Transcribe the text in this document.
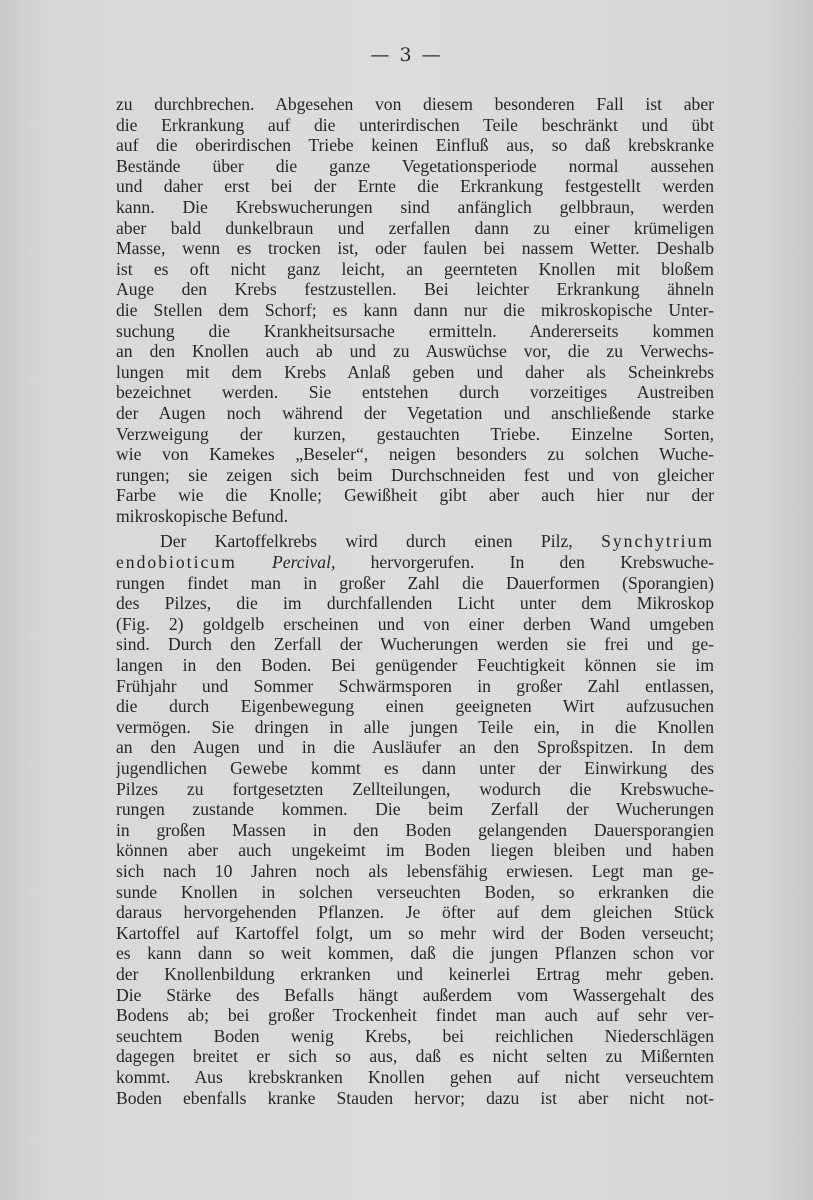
— 3 —
zu durchbrechen. Abgesehen von diesem besonderen Fall ist aber
die Erkrankung auf die unterirdischen Teile beschränkt und übt
auf die oberirdischen Triebe keinen Einfluß aus, so daß krebskranke
Bestände über die ganze Vegetationsperiode normal aussehen
und daher erst bei der Ernte die Erkrankung festgestellt werden
kann. Die Krebswucherungen sind anfänglich gelbbraun, werden
aber bald dunkelbraun und zerfallen dann zu einer krümeligen
Masse, wenn es trocken ist, oder faulen bei nassem Wetter. Deshalb
ist es oft nicht ganz leicht, an geernteten Knollen mit bloßem
Auge den Krebs festzustellen. Bei leichter Erkrankung ähneln
die Stellen dem Schorf; es kann dann nur die mikroskopische Unter-
suchung die Krankheitsursache ermitteln. Andererseits kommen
an den Knollen auch ab und zu Auswüchse vor, die zu Verwechs-
lungen mit dem Krebs Anlaß geben und daher als Scheinkrebs
bezeichnet werden. Sie entstehen durch vorzeitiges Austreiben
der Augen noch während der Vegetation und anschließende starke
Verzweigung der kurzen, gestauchten Triebe. Einzelne Sorten,
wie von Kamekes „Beseler“, neigen besonders zu solchen Wuche-
rungen; sie zeigen sich beim Durchschneiden fest und von gleicher
Farbe wie die Knolle; Gewißheit gibt aber auch hier nur der
mikroskopische Befund.
Der Kartoffelkrebs wird durch einen Pilz, Synchytrium
endobioticum Percival, hervorgerufen. In den Krebswuche-
rungen findet man in großer Zahl die Dauerformen (Sporangien)
des Pilzes, die im durchfallenden Licht unter dem Mikroskop
(Fig. 2) goldgelb erscheinen und von einer derben Wand umgeben
sind. Durch den Zerfall der Wucherungen werden sie frei und ge-
langen in den Boden. Bei genügender Feuchtigkeit können sie im
Frühjahr und Sommer Schwärmsporen in großer Zahl entlassen,
die durch Eigenbewegung einen geeigneten Wirt aufzusuchen
vermögen. Sie dringen in alle jungen Teile ein, in die Knollen
an den Augen und in die Ausläufer an den Sproßspitzen. In dem
jugendlichen Gewebe kommt es dann unter der Einwirkung des
Pilzes zu fortgesetzten Zellteilungen, wodurch die Krebswuche-
rungen zustande kommen. Die beim Zerfall der Wucherungen
in großen Massen in den Boden gelangenden Dauersporangien
können aber auch ungekeimt im Boden liegen bleiben und haben
sich nach 10 Jahren noch als lebensfähig erwiesen. Legt man ge-
sunde Knollen in solchen verseuchten Boden, so erkranken die
daraus hervorgehenden Pflanzen. Je öfter auf dem gleichen Stück
Kartoffel auf Kartoffel folgt, um so mehr wird der Boden verseucht;
es kann dann so weit kommen, daß die jungen Pflanzen schon vor
der Knollenbildung erkranken und keinerlei Ertrag mehr geben.
Die Stärke des Befalls hängt außerdem vom Wassergehalt des
Bodens ab; bei großer Trockenheit findet man auch auf sehr ver-
seuchtem Boden wenig Krebs, bei reichlichen Niederschlägen
dagegen breitet er sich so aus, daß es nicht selten zu Mißernten
kommt. Aus krebskranken Knollen gehen auf nicht verseuchtem
Boden ebenfalls kranke Stauden hervor; dazu ist aber nicht not-
